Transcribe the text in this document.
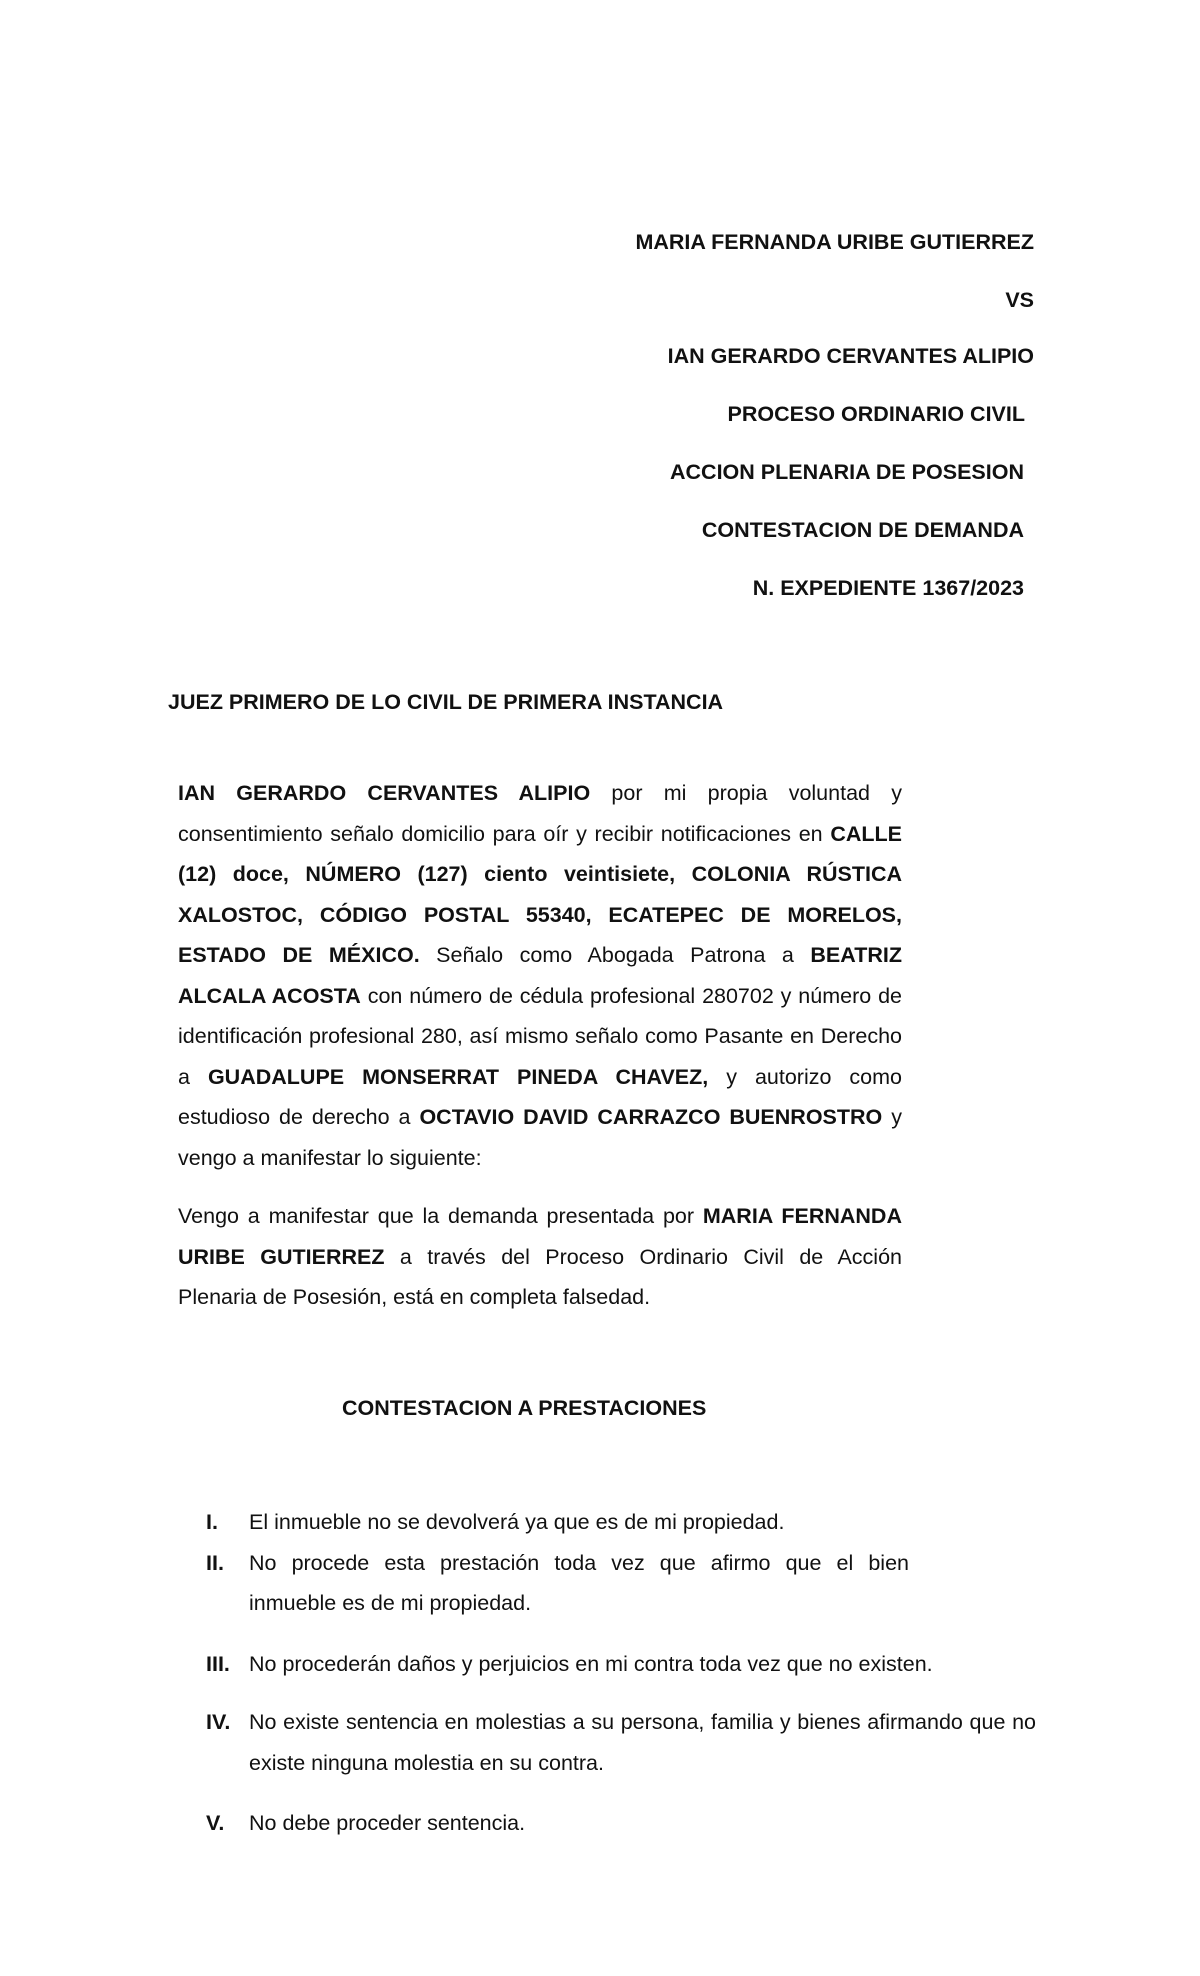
MARIA FERNANDA URIBE GUTIERREZ
VS
IAN GERARDO CERVANTES ALIPIO
PROCESO ORDINARIO CIVIL
ACCION PLENARIA DE POSESION
CONTESTACION DE DEMANDA
N. EXPEDIENTE 1367/2023
JUEZ PRIMERO DE LO CIVIL DE PRIMERA INSTANCIA

IAN GERARDO CERVANTES ALIPIO por mi propia voluntad y consentimiento señalo domicilio para oír y recibir notificaciones en CALLE (12) doce, NÚMERO (127) ciento veintisiete, COLONIA RÚSTICA XALOSTOC, CÓDIGO POSTAL 55340, ECATEPEC DE MORELOS, ESTADO DE MÉXICO. Señalo como Abogada Patrona a BEATRIZ ALCALA ACOSTA con número de cédula profesional 280702 y número de identificación profesional 280, así mismo señalo como Pasante en Derecho a GUADALUPE MONSERRAT PINEDA CHAVEZ, y autorizo como estudioso de derecho a OCTAVIO DAVID CARRAZCO BUENROSTRO y vengo a manifestar lo siguiente:

Vengo a manifestar que la demanda presentada por MARIA FERNANDA URIBE GUTIERREZ a través del Proceso Ordinario Civil de Acción Plenaria de Posesión, está en completa falsedad.

CONTESTACION A PRESTACIONES
I. El inmueble no se devolverá ya que es de mi propiedad.
II. No procede esta prestación toda vez que afirmo que el bien inmueble es de mi propiedad.
III. No procederán daños y perjuicios en mi contra toda vez que no existen.
IV. No existe sentencia en molestias a su persona, familia y bienes afirmando que no existe ninguna molestia en su contra.
V. No debe proceder sentencia.
